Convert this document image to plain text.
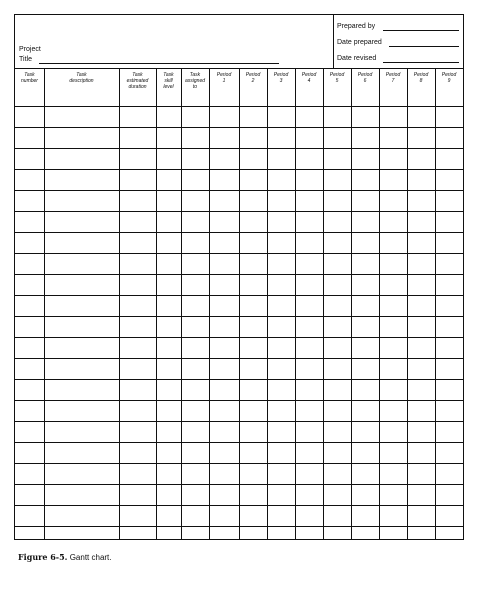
Project
Title
Prepared by
Date prepared
Date revised
Task
number
Task
description
Task
estimated
duration
Task
skill
level
Task
assigned
to
Period
1
Period
2
Period
3
Period
4
Period
5
Period
6
Period
7
Period
8
Period
9
Figure 6-5. Gantt chart.
